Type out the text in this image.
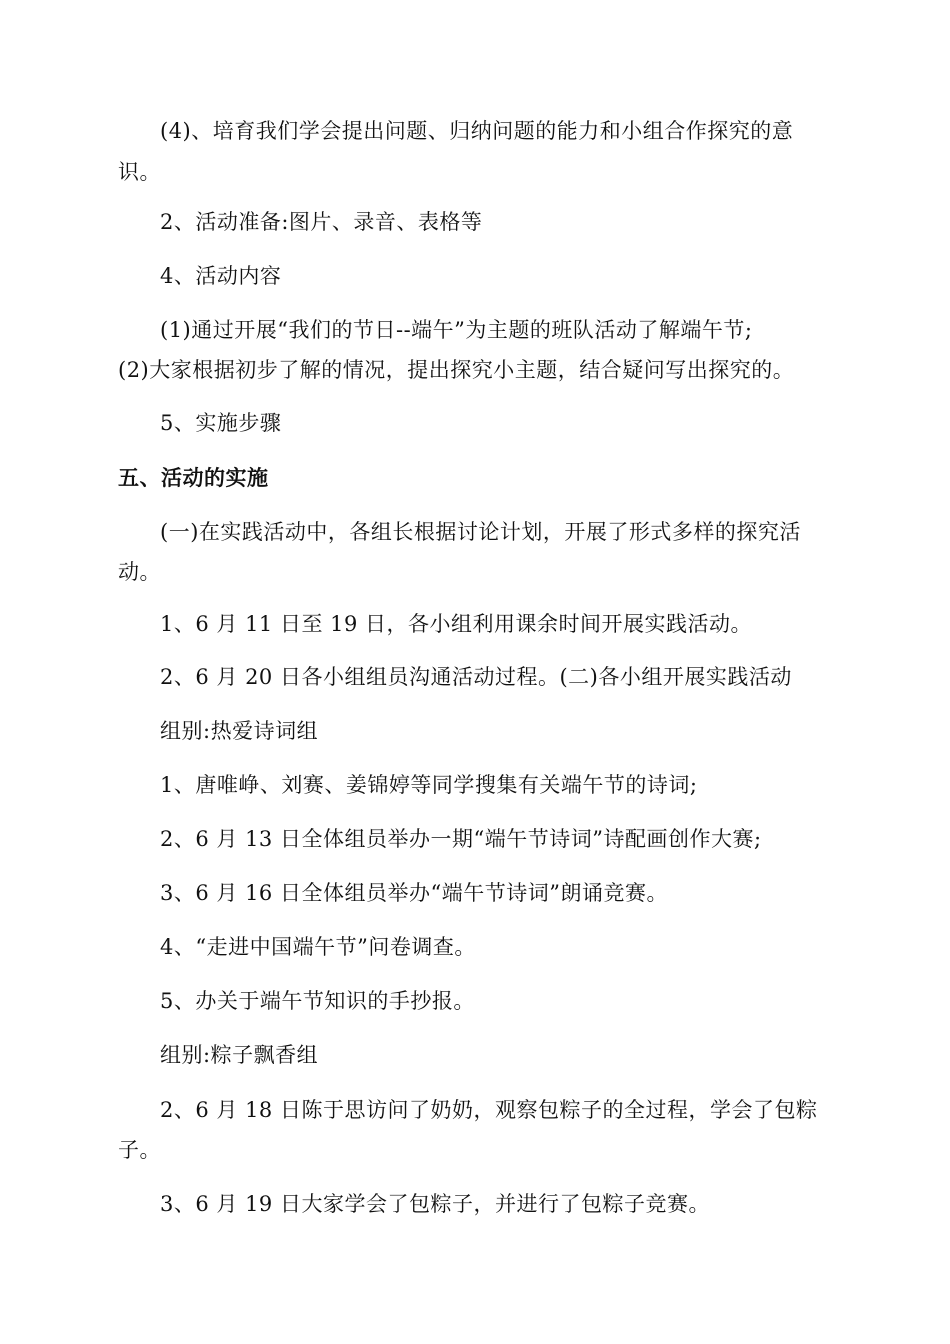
(4)、培育我们学会提出问题、归纳问题的能力和小组合作探究的意
识。
2、活动准备:图片、录音、表格等
4、活动内容
(1)通过开展“我们的节日--端午”为主题的班队活动了解端午节;
(2)大家根据初步了解的情况，提出探究小主题，结合疑问写出探究的。
5、实施步骤
五、活动的实施
(一)在实践活动中，各组长根据讨论计划，开展了形式多样的探究活
动。
1、6 月 11 日至 19 日，各小组利用课余时间开展实践活动。
2、6 月 20 日各小组组员沟通活动过程。(二)各小组开展实践活动
组别:热爱诗词组
1、唐唯峥、刘赛、姜锦婷等同学搜集有关端午节的诗词;
2、6 月 13 日全体组员举办一期“端午节诗词”诗配画创作大赛;
3、6 月 16 日全体组员举办“端午节诗词”朗诵竞赛。
4、“走进中国端午节”问卷调查。
5、办关于端午节知识的手抄报。
组别:粽子飘香组
2、6 月 18 日陈于思访问了奶奶，观察包粽子的全过程，学会了包粽
子。
3、6 月 19 日大家学会了包粽子，并进行了包粽子竞赛。
